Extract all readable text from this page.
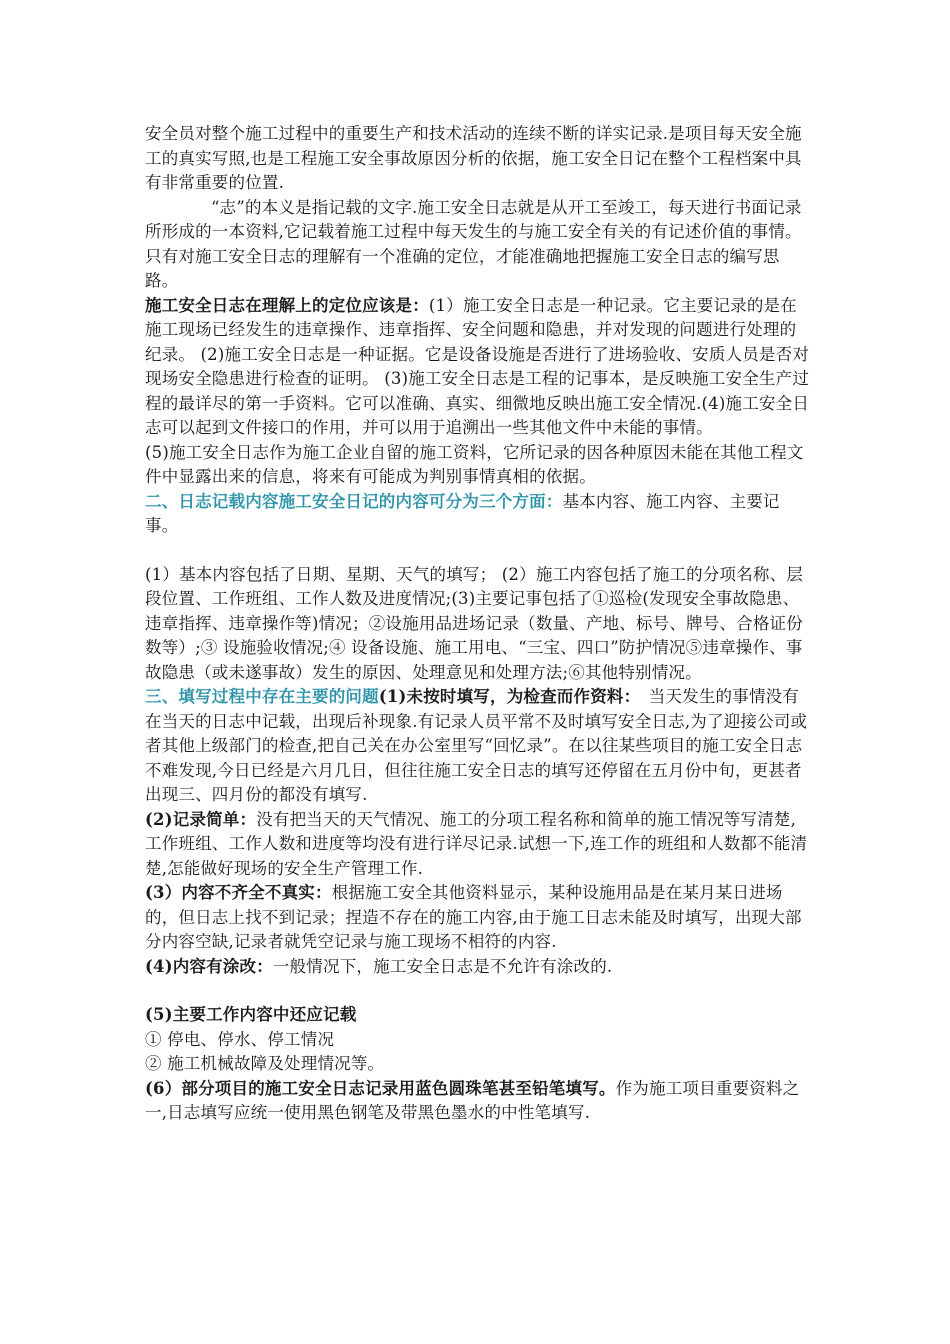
安全员对整个施工过程中的重要生产和技术活动的连续不断的详实记录.是项目每天安全施工的真实写照,也是工程施工安全事故原因分析的依据，施工安全日记在整个工程档案中具有非常重要的位置.

“志”的本义是指记载的文字.施工安全日志就是从开工至竣工，每天进行书面记录所形成的一本资料,它记载着施工过程中每天发生的与施工安全有关的有记述价值的事情。只有对施工安全日志的理解有一个准确的定位，才能准确地把握施工安全日志的编写思路。

施工安全日志在理解上的定位应该是：(1）施工安全日志是一种记录。它主要记录的是在施工现场已经发生的违章操作、违章指挥、安全问题和隐患，并对发现的问题进行处理的纪录。 (2)施工安全日志是一种证据。它是设备设施是否进行了进场验收、安质人员是否对现场安全隐患进行检查的证明。 (3)施工安全日志是工程的记事本，是反映施工安全生产过程的最详尽的第一手资料。它可以准确、真实、细微地反映出施工安全情况.(4)施工安全日志可以起到文件接口的作用，并可以用于追溯出一些其他文件中未能的事情。

(5)施工安全日志作为施工企业自留的施工资料，它所记录的因各种原因未能在其他工程文件中显露出来的信息，将来有可能成为判别事情真相的依据。

二、日志记载内容施工安全日记的内容可分为三个方面：基本内容、施工内容、主要记事。

(1）基本内容包括了日期、星期、天气的填写； (2）施工内容包括了施工的分项名称、层段位置、工作班组、工作人数及进度情况;(3)主要记事包括了①巡检(发现安全事故隐患、违章指挥、违章操作等)情况；②设施用品进场记录（数量、产地、标号、牌号、合格证份数等）;③ 设施验收情况;④ 设备设施、施工用电、“三宝、四口”防护情况⑤违章操作、事故隐患（或未遂事故）发生的原因、处理意见和处理方法;⑥其他特别情况。

三、填写过程中存在主要的问题(1)未按时填写，为检查而作资料：　当天发生的事情没有在当天的日志中记载，出现后补现象.有记录人员平常不及时填写安全日志,为了迎接公司或者其他上级部门的检查,把自己关在办公室里写“回忆录”。在以往某些项目的施工安全日志不难发现,今日已经是六月几日，但往往施工安全日志的填写还停留在五月份中旬，更甚者出现三、四月份的都没有填写.

(2)记录简单：没有把当天的天气情况、施工的分项工程名称和简单的施工情况等写清楚,工作班组、工作人数和进度等均没有进行详尽记录.试想一下,连工作的班组和人数都不能清楚,怎能做好现场的安全生产管理工作.

(3）内容不齐全不真实：根据施工安全其他资料显示，某种设施用品是在某月某日进场的，但日志上找不到记录；捏造不存在的施工内容,由于施工日志未能及时填写，出现大部分内容空缺,记录者就凭空记录与施工现场不相符的内容.

(4)内容有涂改：一般情况下，施工安全日志是不允许有涂改的.

(5)主要工作内容中还应记载

① 停电、停水、停工情况

② 施工机械故障及处理情况等。

(6）部分项目的施工安全日志记录用蓝色圆珠笔甚至铅笔填写。作为施工项目重要资料之一,日志填写应统一使用黑色钢笔及带黑色墨水的中性笔填写.
